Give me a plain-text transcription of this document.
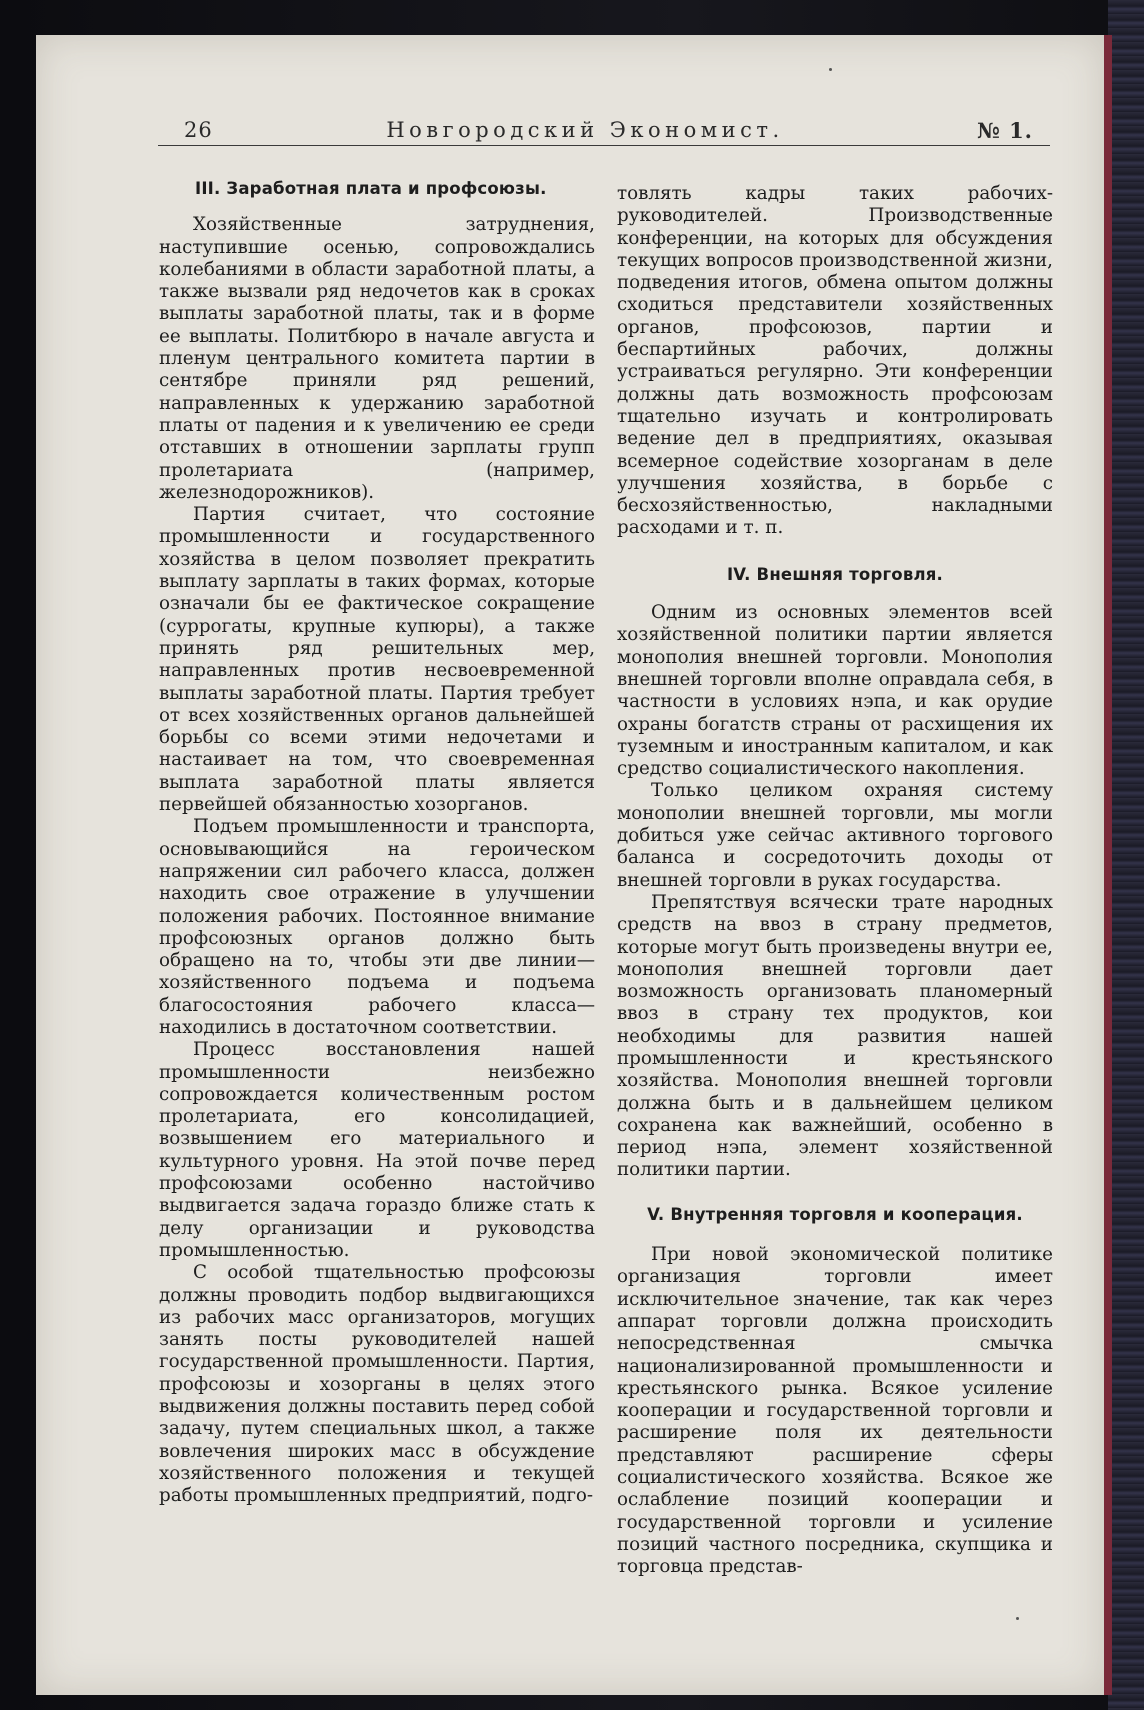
26	Новгородский Экономист.	№ 1.
III. Заработная плата и профсоюзы.

Хозяйственные затруднения, наступившие осенью, сопровождались колебаниями в области заработной платы, а также вызвали ряд недочетов как в сроках выплаты заработной платы, так и в форме ее выплаты. Политбюро в начале августа и пленум центрального комитета партии в сентябре приняли ряд решений, направленных к удержанию заработной платы от падения и к увеличению ее среди отставших в отношении зарплаты групп пролетариата (например, железнодорожников).

Партия считает, что состояние промышленности и государственного хозяйства в целом позволяет прекратить выплату зарплаты в таких формах, которые означали бы ее фактическое сокращение (суррогаты, крупные купюры), а также принять ряд решительных мер, направленных против несвоевременной выплаты заработной платы. Партия требует от всех хозяйственных органов дальнейшей борьбы со всеми этими недочетами и настаивает на том, что своевременная выплата заработной платы является первейшей обязанностью хозорганов.

Подъем промышленности и транспорта, основывающийся на героическом напряжении сил рабочего класса, должен находить свое отражение в улучшении положения рабочих. Постоянное внимание профсоюзных органов должно быть обращено на то, чтобы эти две линии—хозяйственного подъема и подъема благосостояния рабочего класса—находились в достаточном соответствии.

Процесс восстановления нашей промышленности неизбежно сопровождается количественным ростом пролетариата, его консолидацией, возвышением его материального и культурного уровня. На этой почве перед профсоюзами особенно настойчиво выдвигается задача гораздо ближе стать к делу организации и руководства промышленностью.

С особой тщательностью профсоюзы должны проводить подбор выдвигающихся из рабочих масс организаторов, могущих занять посты руководителей нашей государственной промышленности. Партия, профсоюзы и хозорганы в целях этого выдвижения должны поставить перед собой задачу, путем специальных школ, а также вовлечения широких масс в обсуждение хозяйственного положения и текущей работы промышленных предприятий, подго-

товлять кадры таких рабочих-руководителей. Производственные конференции, на которых для обсуждения текущих вопросов производственной жизни, подведения итогов, обмена опытом должны сходиться представители хозяйственных органов, профсоюзов, партии и беспартийных рабочих, должны устраиваться регулярно. Эти конференции должны дать возможность профсоюзам тщательно изучать и контролировать ведение дел в предприятиях, оказывая всемерное содействие хозорганам в деле улучшения хозяйства, в борьбе с бесхозяйственностью, накладными расходами и т. п.

IV. Внешняя торговля.

Одним из основных элементов всей хозяйственной политики партии является монополия внешней торговли. Монополия внешней торговли вполне оправдала себя, в частности в условиях нэпа, и как орудие охраны богатств страны от расхищения их туземным и иностранным капиталом, и как средство социалистического накопления.

Только целиком охраняя систему монополии внешней торговли, мы могли добиться уже сейчас активного торгового баланса и сосредоточить доходы от внешней торговли в руках государства.

Препятствуя всячески трате народных средств на ввоз в страну предметов, которые могут быть произведены внутри ее, монополия внешней торговли дает возможность организовать планомерный ввоз в страну тех продуктов, кои необходимы для развития нашей промышленности и крестьянского хозяйства. Монополия внешней торговли должна быть и в дальнейшем целиком сохранена как важнейший, особенно в период нэпа, элемент хозяйственной политики партии.

V. Внутренняя торговля и кооперация.

При новой экономической политике организация торговли имеет исключительное значение, так как через аппарат торговли должна происходить непосредственная смычка национализированной промышленности и крестьянского рынка. Всякое усиление кооперации и государственной торговли и расширение поля их деятельности представляют расширение сферы социалистического хозяйства. Всякое же ослабление позиций кооперации и государственной торговли и усиление позиций частного посредника, скупщика и торговца представ-
